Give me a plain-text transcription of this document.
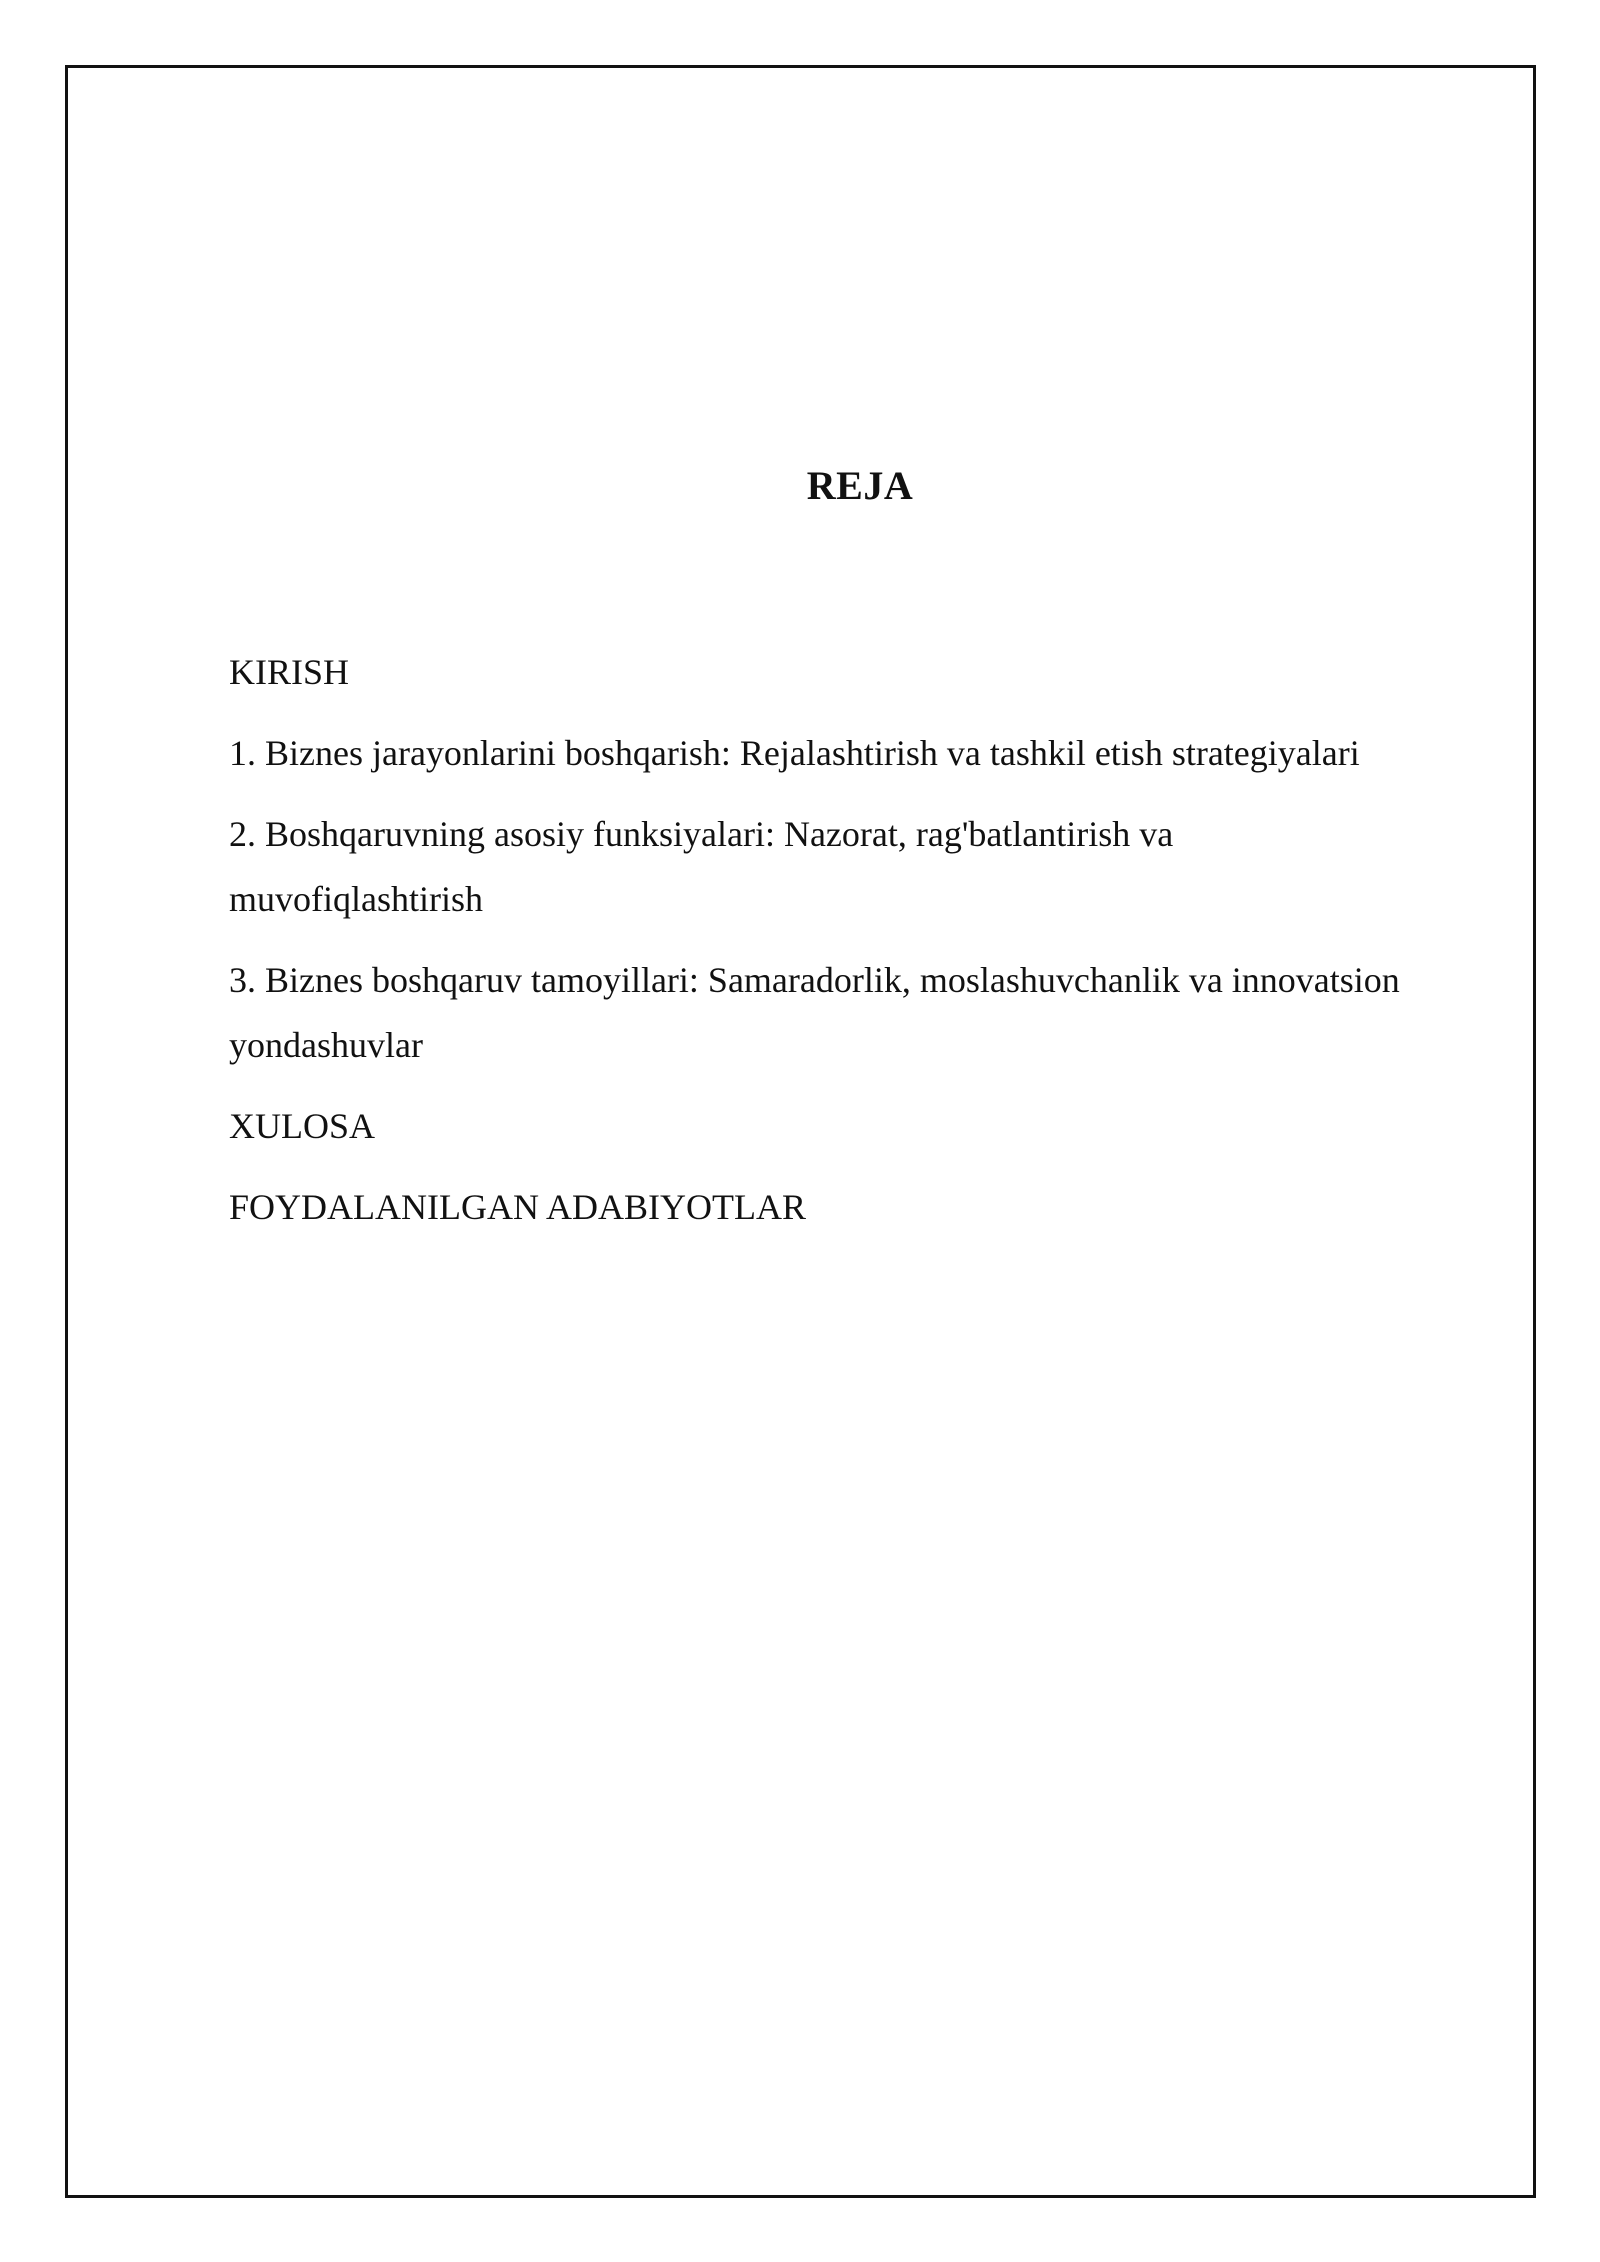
REJA
KIRISH
1. Biznes jarayonlarini boshqarish: Rejalashtirish va tashkil etish strategiyalari
2. Boshqaruvning asosiy funksiyalari: Nazorat, rag'batlantirish va muvofiqlashtirish
3. Biznes boshqaruv tamoyillari: Samaradorlik, moslashuvchanlik va innovatsion yondashuvlar
XULOSA
FOYDALANILGAN ADABIYOTLAR
